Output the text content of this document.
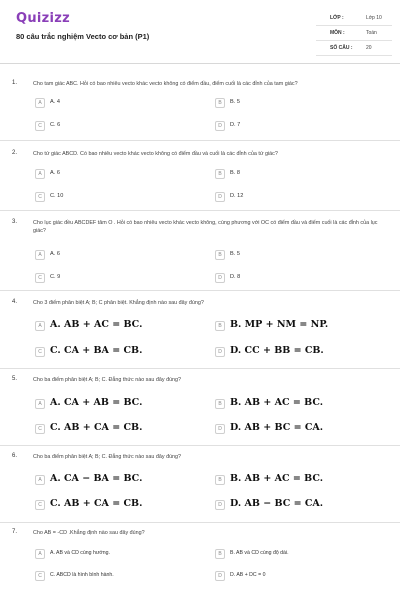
Quizizz
80 câu trắc nghiệm Vecto cơ bản (P1)
LỚP :	Lớp 10
MÔN :	Toán
SỐ CÂU :	20
1.	Cho tam giác ABC. Hỏi có bao nhiêu vecto khác vecto không có điểm đầu, điểm cuối là các đỉnh của tam giác?
A	A. 4	B	B. 5
C	C. 6	D	D. 7
2.	Cho tứ giác ABCD. Có bao nhiêu vecto khác vecto không có điểm đầu và cuối là các đỉnh của tứ giác?
A	A. 6	B	B. 8
C	C. 10	D	D. 12
3.	Cho lục giác đều ABCDEF tâm O . Hỏi có bao nhiêu vecto khác vecto không, cùng phương với OC có điểm đầu và điểm cuối là các đỉnh của lục giác?
A	A. 6	B	B. 5
C	C. 9	D	D. 8
4.	Cho 3 điểm phân biệt A; B; C phân biệt. Khẳng định nào sau đây đúng?
A A. AB + AC = BC.	B B. MP + NM = NP.
C C. CA + BA = CB.	D D. CC + BB = CB.
5.	Cho ba điểm phân biệt A; B; C. Đẳng thức nào sau đây đúng?
A A. CA + AB = BC.	B B. AB + AC = BC.
C C. AB + CA = CB.	D D. AB + BC = CA.
6.	Cho ba điểm phân biệt A; B; C. Đẳng thức nào sau đây đúng?
A A. CA − BA = BC.	B B. AB + AC = BC.
C C. AB + CA = CB.	D D. AB − BC = CA.
7.	Cho AB = -CD .Khẳng định nào sau đây đúng?
A	A. AB và CD cùng hướng.	B	B. AB và CD cùng độ dài.
C	C. ABCD là hình bình hành.	D	D. AB + DC = 0
